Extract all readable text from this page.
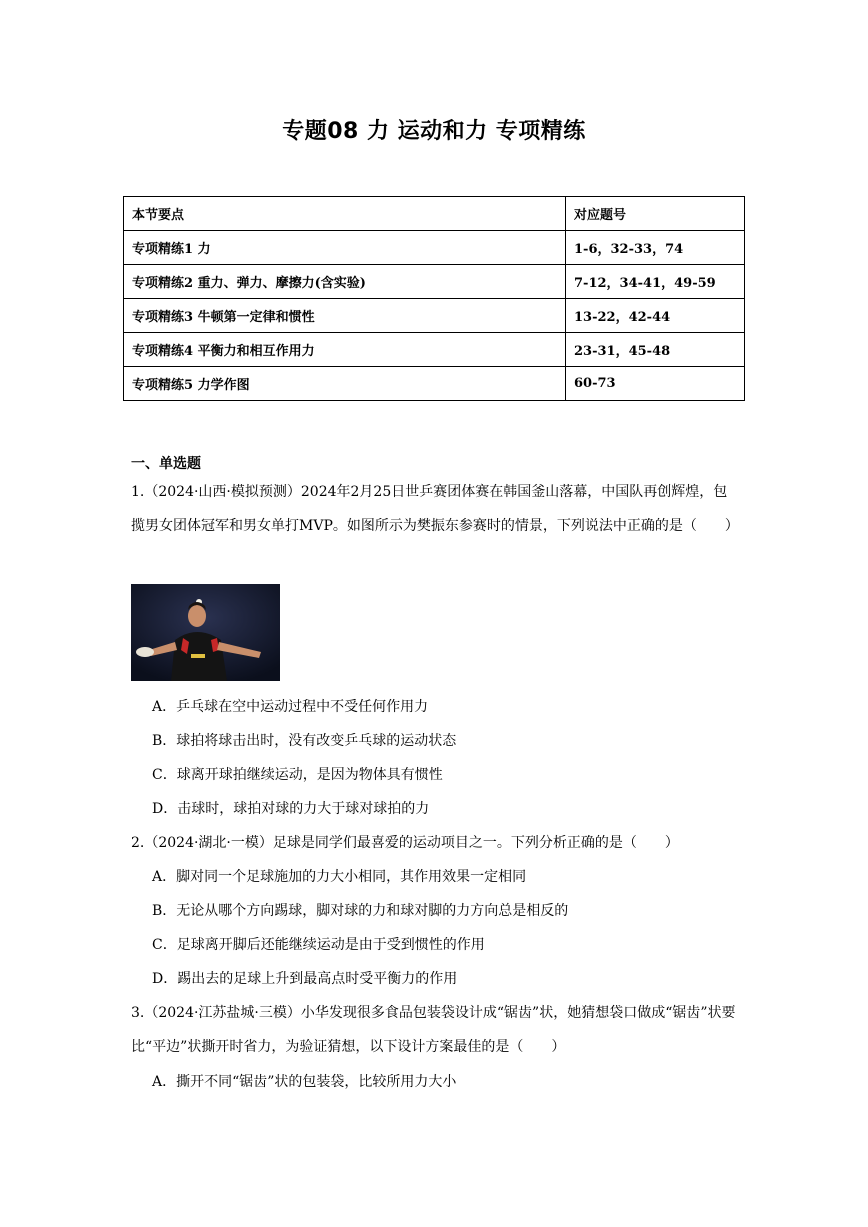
专题08 力 运动和力 专项精练
本节要点	对应题号
专项精练1 力	1-6，32-33，74
专项精练2 重力、弹力、摩擦力(含实验)	7-12，34-41，49-59
专项精练3 牛顿第一定律和惯性	13-22，42-44
专项精练4 平衡力和相互作用力	23-31，45-48
专项精练5 力学作图	60-73
一、单选题
1.（2024·山西·模拟预测）2024年2月25日世乒赛团体赛在韩国釜山落幕，中国队再创辉煌，包揽男女团体冠军和男女单打MVP。如图所示为樊振东参赛时的情景，下列说法中正确的是（　　）
A．乒乓球在空中运动过程中不受任何作用力
B．球拍将球击出时，没有改变乒乓球的运动状态
C．球离开球拍继续运动，是因为物体具有惯性
D．击球时，球拍对球的力大于球对球拍的力
2.（2024·湖北·一模）足球是同学们最喜爱的运动项目之一。下列分析正确的是（　　）
A．脚对同一个足球施加的力大小相同，其作用效果一定相同
B．无论从哪个方向踢球，脚对球的力和球对脚的力方向总是相反的
C．足球离开脚后还能继续运动是由于受到惯性的作用
D．踢出去的足球上升到最高点时受平衡力的作用
3.（2024·江苏盐城·三模）小华发现很多食品包装袋设计成“锯齿”状，她猜想袋口做成“锯齿”状要比“平边”状撕开时省力，为验证猜想，以下设计方案最佳的是（　　）
A．撕开不同“锯齿”状的包装袋，比较所用力大小
